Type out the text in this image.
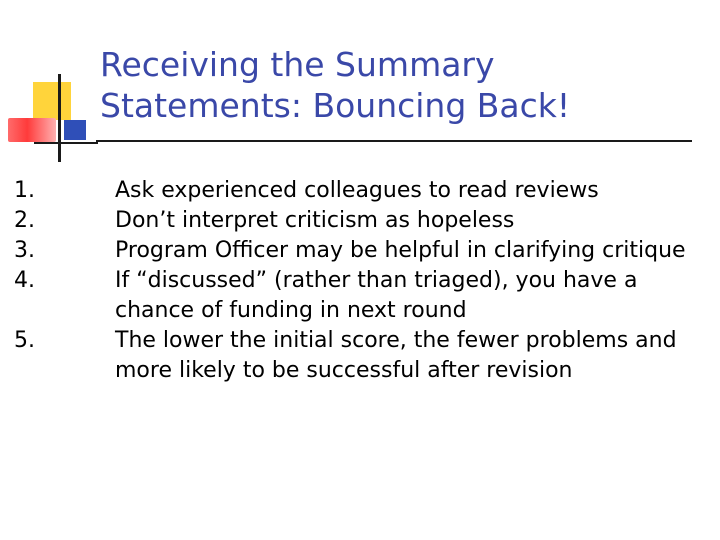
Receiving the Summary
Statements: Bouncing Back!
1.	Ask experienced colleagues to read reviews
2.	Don’t interpret criticism as hopeless
3.	Program Officer may be helpful in clarifying critique
4.	If “discussed” (rather than triaged), you have a chance of funding in next round
5.	The lower the initial score, the fewer problems and more likely to be successful after revision
